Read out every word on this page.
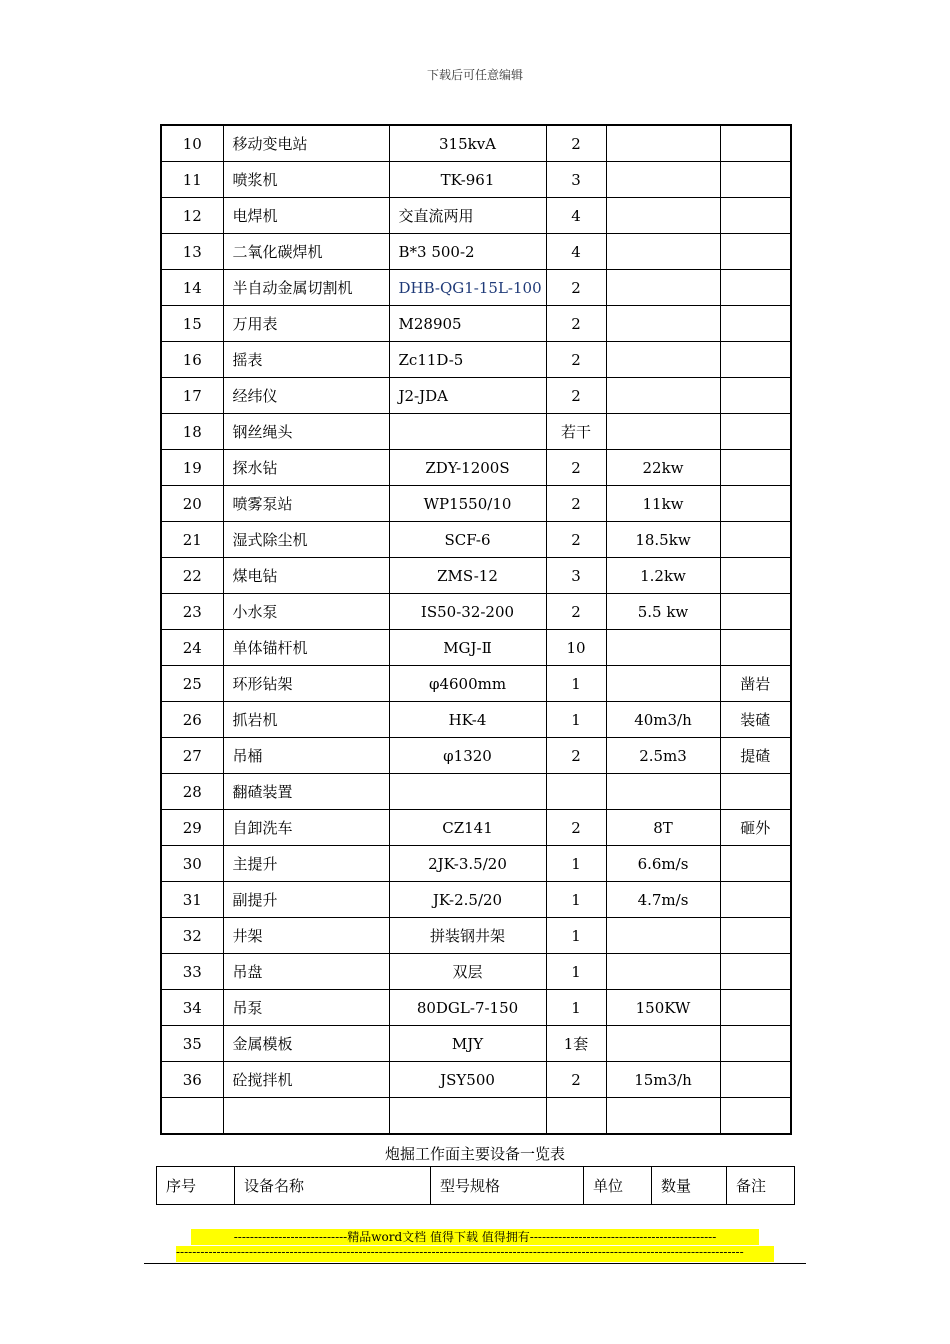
下载后可任意编辑
10	移动变电站	315kvA	2		
11	喷浆机	TK-961	3		
12	电焊机	交直流两用	4		
13	二氧化碳焊机	B*3 500-2	4		
14	半自动金属切割机	DHB-QG1-15L-100	2		
15	万用表	M28905	2		
16	摇表	Zc11D-5	2		
17	经纬仪	J2-JDA	2		
18	钢丝绳头		若干		
19	探水钻	ZDY-1200S	2	22kw	
20	喷雾泵站	WP1550/10	2	11kw	
21	湿式除尘机	SCF-6	2	18.5kw	
22	煤电钻	ZMS-12	3	1.2kw	
23	小水泵	IS50-32-200	2	5.5 kw	
24	单体锚杆机	MGJ-Ⅱ	10		
25	环形钻架	φ4600mm	1		凿岩
26	抓岩机	HK-4	1	40m3/h	装碴
27	吊桶	φ1320	2	2.5m3	提碴
28	翻碴装置				
29	自卸洗车	CZ141	2	8T	砸外
30	主提升	2JK-3.5/20	1	6.6m/s	
31	副提升	JK-2.5/20	1	4.7m/s	
32	井架	拼装钢井架	1		
33	吊盘	双层	1		
34	吊泵	80DGL-7-150	1	150KW	
35	金属模板	MJY	1套		
36	砼搅拌机	JSY500	2	15m3/h	

炮掘工作面主要设备一览表
序号	设备名称	型号规格	单位	数量	备注
----------------------------精品word文档 值得下载 值得拥有----------------------------------------------
--------------------------------------------------------------------------------------------------------------------------------------------
